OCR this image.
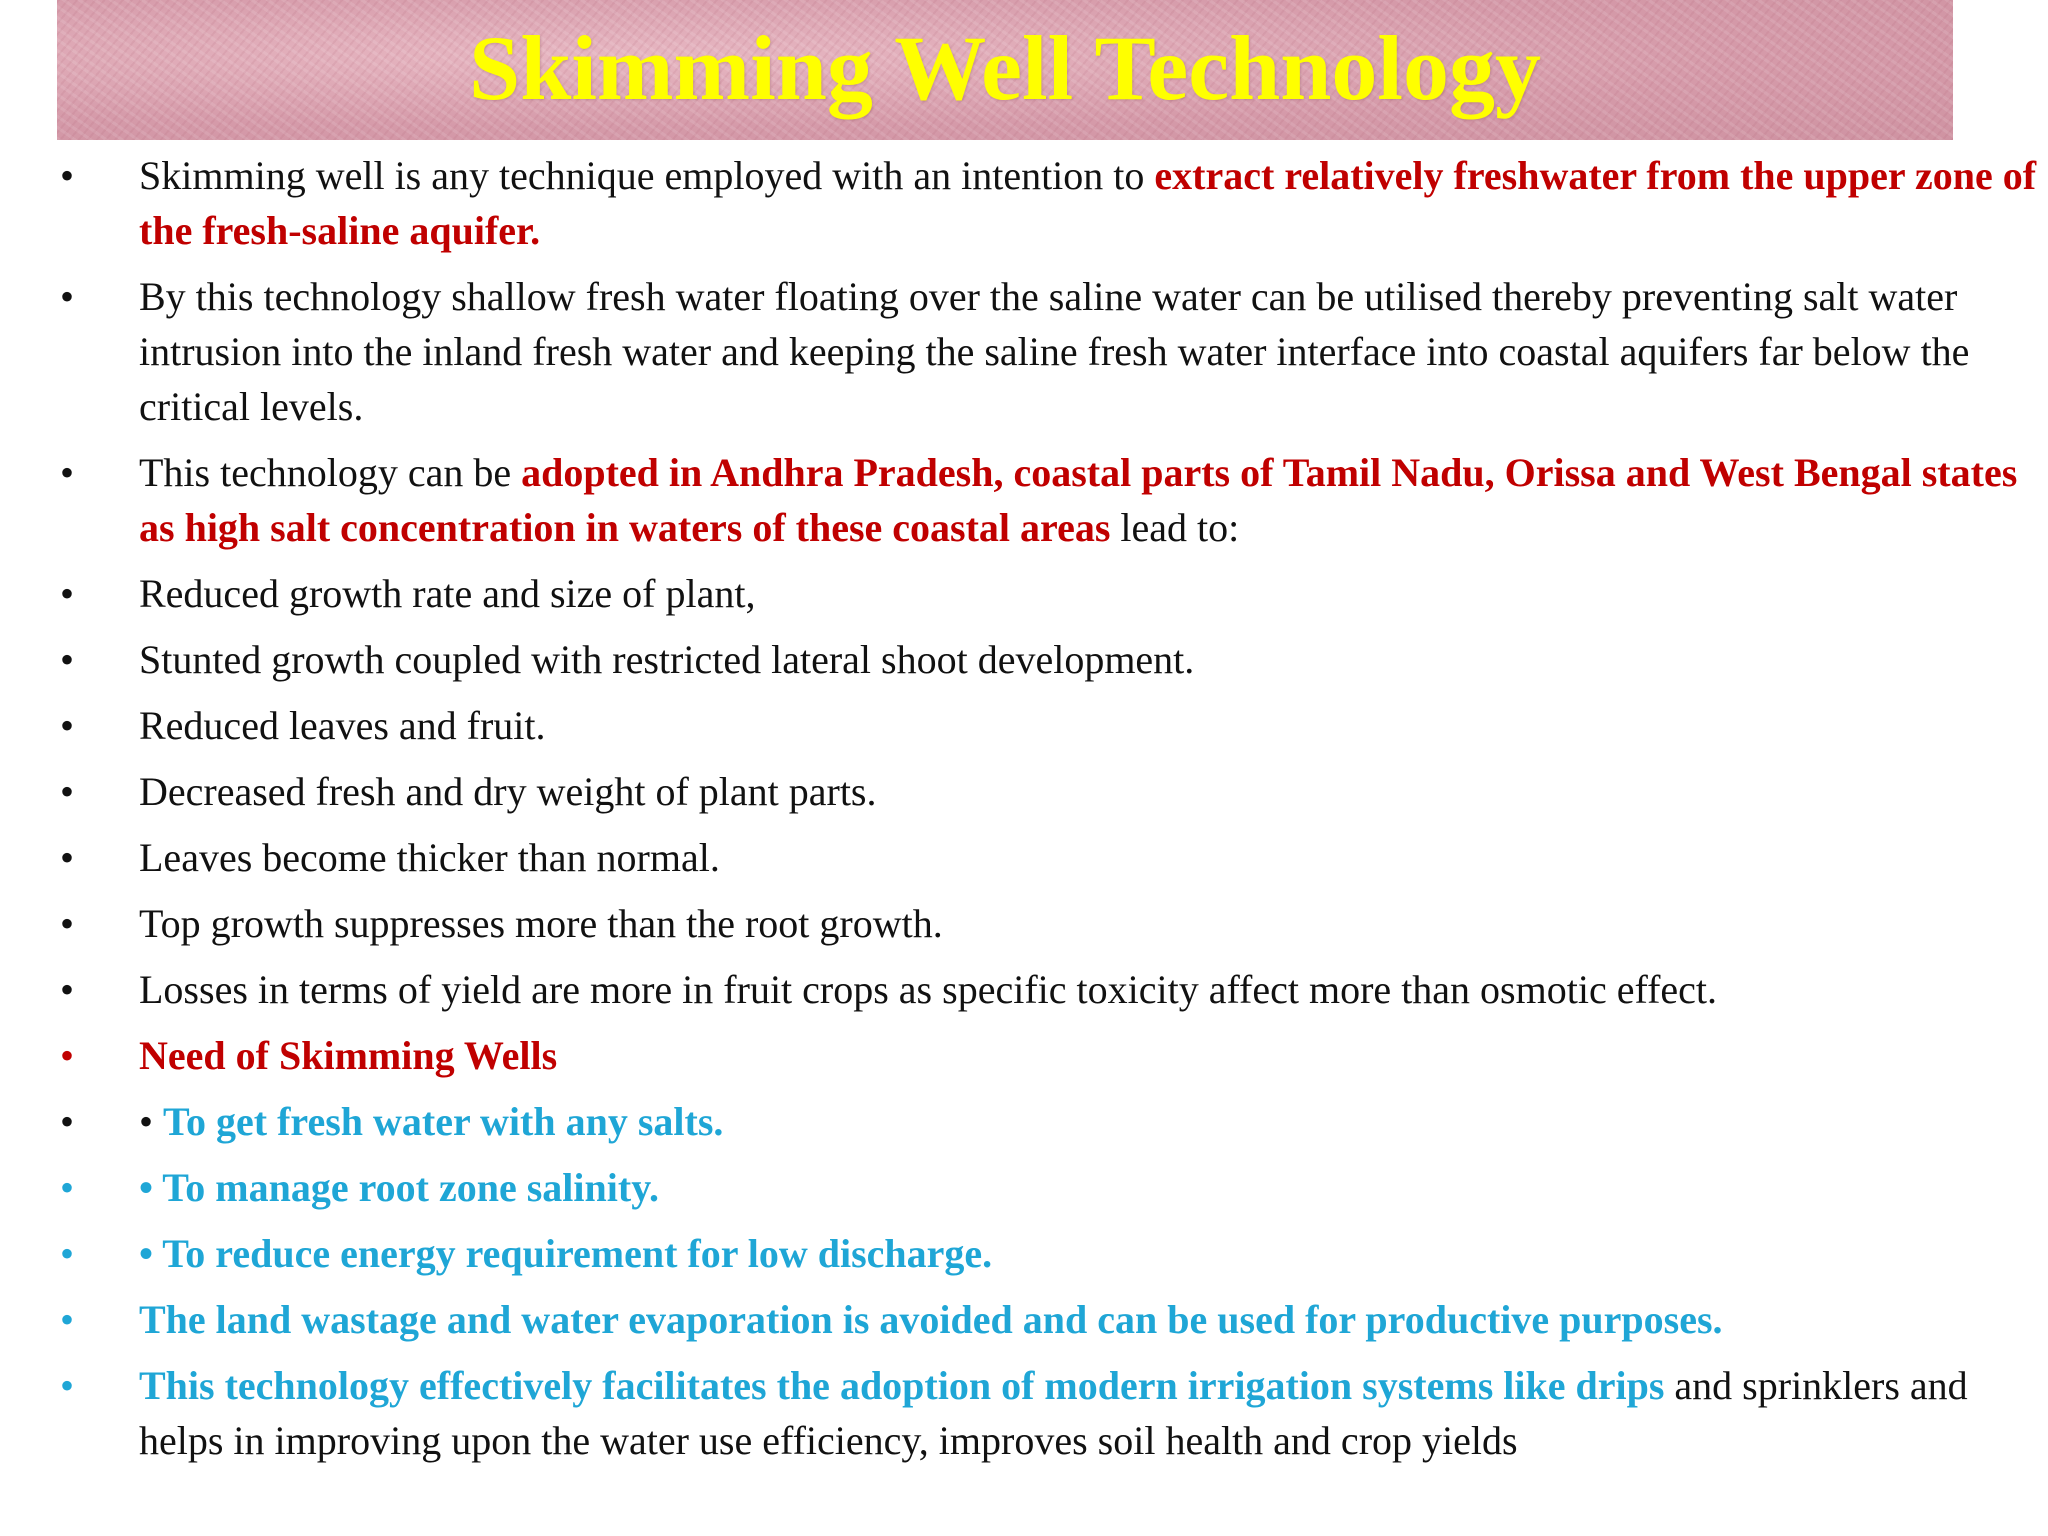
Skimming Well Technology
•	Skimming well is any technique employed with an intention to extract relatively freshwater from the upper zone of the fresh-saline aquifer.
•	By this technology shallow fresh water floating over the saline water can be utilised thereby preventing salt water intrusion into the inland fresh water and keeping the saline fresh water interface into coastal aquifers far below the critical levels.
•	This technology can be adopted in Andhra Pradesh, coastal parts of Tamil Nadu, Orissa and West Bengal states as high salt concentration in waters of these coastal areas lead to:
•	Reduced growth rate and size of plant,
•	Stunted growth coupled with restricted lateral shoot development.
•	Reduced leaves and fruit.
•	Decreased fresh and dry weight of plant parts.
•	Leaves become thicker than normal.
•	Top growth suppresses more than the root growth.
•	Losses in terms of yield are more in fruit crops as specific toxicity affect more than osmotic effect.
•	Need of Skimming Wells
•	• To get fresh water with any salts.
•	• To manage root zone salinity.
•	• To reduce energy requirement for low discharge.
•	The land wastage and water evaporation is avoided and can be used for productive purposes.
•	This technology effectively facilitates the adoption of modern irrigation systems like drips and sprinklers and helps in improving upon the water use efficiency, improves soil health and crop yields
